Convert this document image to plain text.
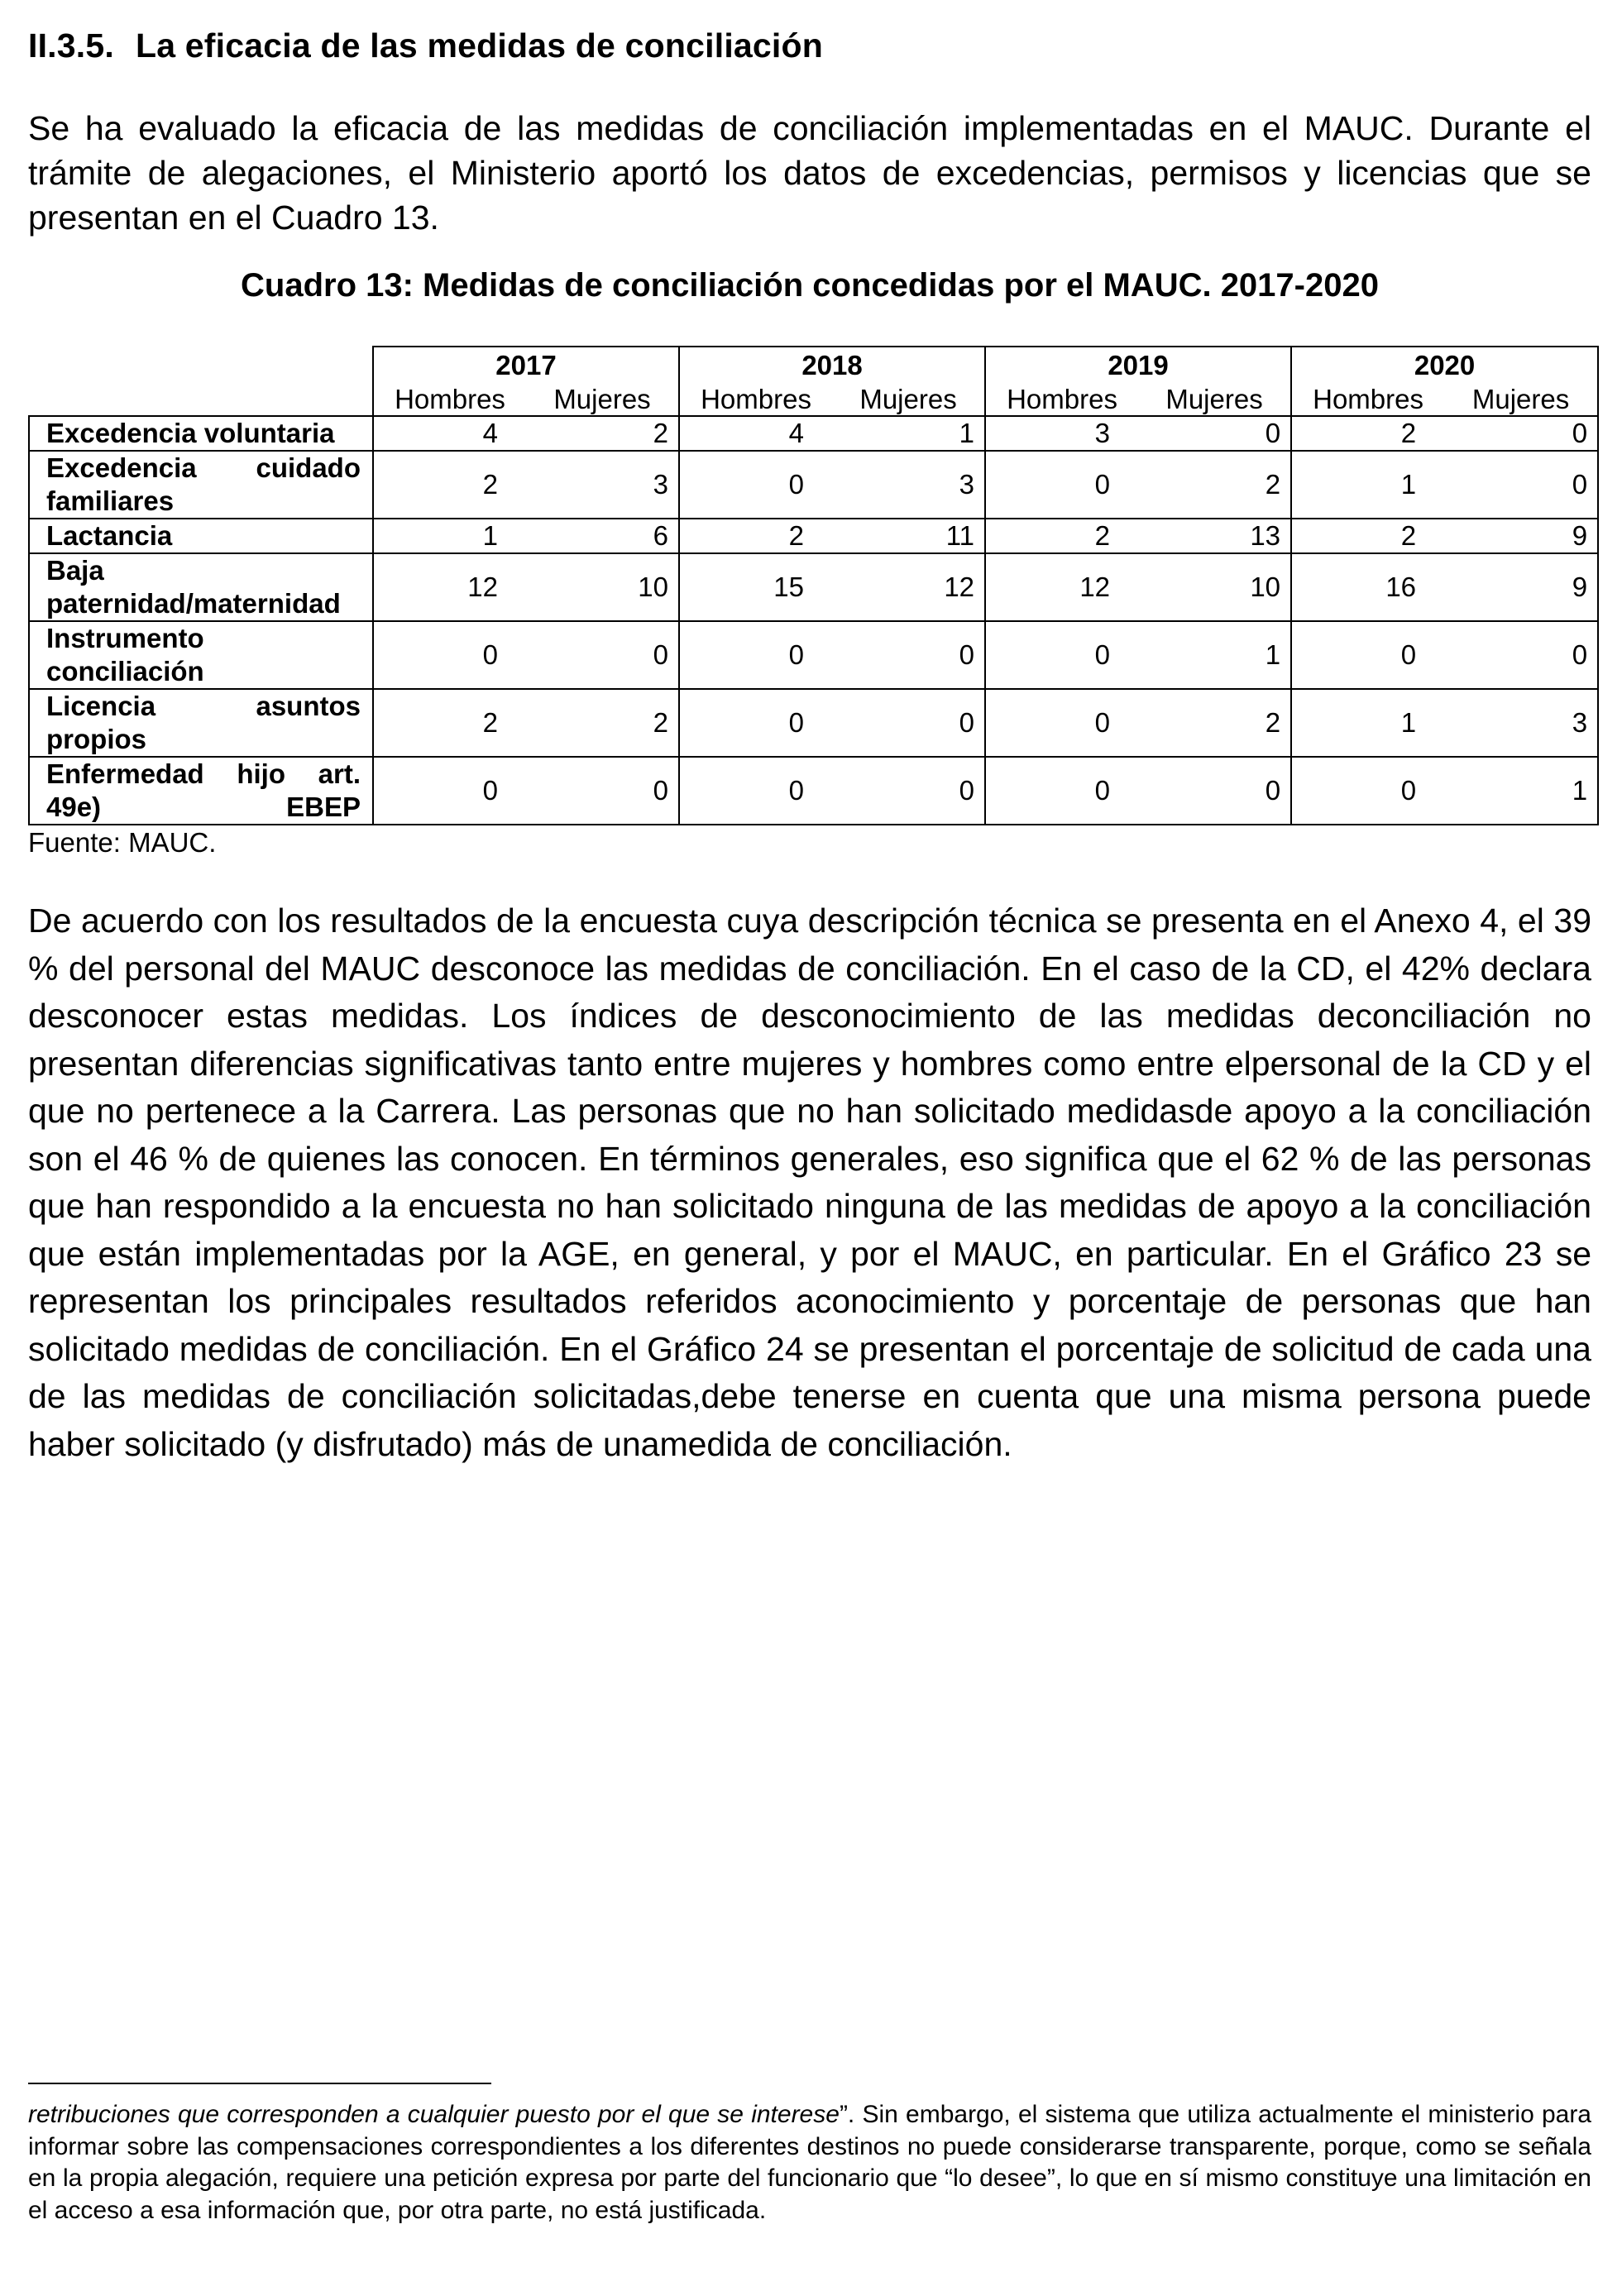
II.3.5. La eficacia de las medidas de conciliación

Se ha evaluado la eficacia de las medidas de conciliación implementadas en el MAUC. Durante el trámite de alegaciones, el Ministerio aportó los datos de excedencias, permisos y licencias que se presentan en el Cuadro 13.

Cuadro 13: Medidas de conciliación concedidas por el MAUC. 2017-2020

	2017		2018		2019		2020	
	Hombres	Mujeres	Hombres	Mujeres	Hombres	Mujeres	Hombres	Mujeres
Excedencia voluntaria	4	2	4	1	3	0	2	0
Excedencia cuidado familiares	2	3	0	3	0	2	1	0
Lactancia	1	6	2	11	2	13	2	9
Baja paternidad/maternidad	12	10	15	12	12	10	16	9
Instrumento conciliación	0	0	0	0	0	1	0	0
Licencia asuntos propios	2	2	0	0	0	2	1	3
Enfermedad hijo art. 49e) EBEP	0	0	0	0	0	0	0	1

Fuente: MAUC.

De acuerdo con los resultados de la encuesta cuya descripción técnica se presenta en el Anexo 4, el 39 % del personal del MAUC desconoce las medidas de conciliación. En el caso de la CD, el 42% declara desconocer estas medidas. Los índices de desconocimiento de las medidas deconciliación no presentan diferencias significativas tanto entre mujeres y hombres como entre elpersonal de la CD y el que no pertenece a la Carrera. Las personas que no han solicitado medidasde apoyo a la conciliación son el 46 % de quienes las conocen. En términos generales, eso significa que el 62 % de las personas que han respondido a la encuesta no han solicitado ninguna de las medidas de apoyo a la conciliación que están implementadas por la AGE, en general, y por el MAUC, en particular. En el Gráfico 23 se representan los principales resultados referidos aconocimiento y porcentaje de personas que han solicitado medidas de conciliación. En el Gráfico 24 se presentan el porcentaje de solicitud de cada una de las medidas de conciliación solicitadas,debe tenerse en cuenta que una misma persona puede haber solicitado (y disfrutado) más de unamedida de conciliación.

retribuciones que corresponden a cualquier puesto por el que se interese”. Sin embargo, el sistema que utiliza actualmente el ministerio para informar sobre las compensaciones correspondientes a los diferentes destinos no puede considerarse transparente, porque, como se señala en la propia alegación, requiere una petición expresa por parte del funcionario que “lo desee”, lo que en sí mismo constituye una limitación en el acceso a esa información que, por otra parte, no está justificada.
